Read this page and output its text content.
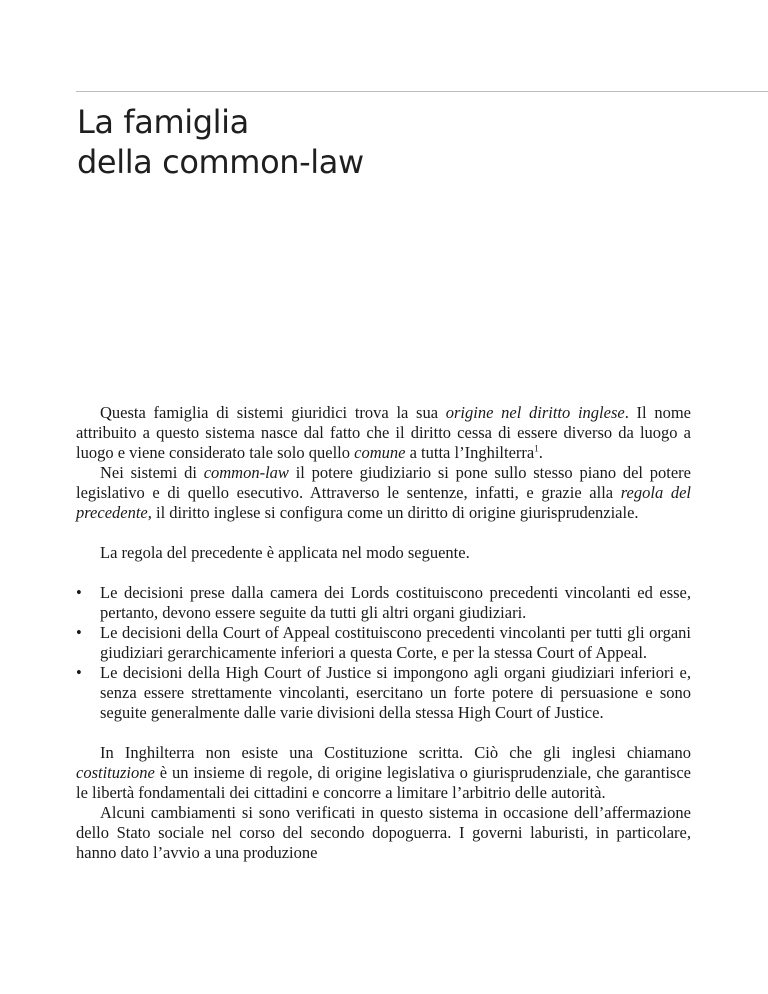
La famiglia
della common-law

Questa famiglia di sistemi giuridici trova la sua origine nel diritto inglese. Il nome attribuito a questo sistema nasce dal fatto che il diritto cessa di essere diverso da luogo a luogo e viene considerato tale solo quello comune a tutta l’Inghilterra$^1$.

Nei sistemi di common-law il potere giudiziario si pone sullo stesso piano del potere legislativo e di quello esecutivo. Attraverso le sentenze, infatti, e grazie alla regola del precedente, il diritto inglese si configura come un diritto di origine giurisprudenziale.

La regola del precedente è applicata nel modo seguente.

• Le decisioni prese dalla camera dei Lords costituiscono precedenti vincolanti ed esse, pertanto, devono essere seguite da tutti gli altri organi giudiziari.
• Le decisioni della Court of Appeal costituiscono precedenti vincolanti per tutti gli organi giudiziari gerarchicamente inferiori a questa Corte, e per la stessa Court of Appeal.
• Le decisioni della High Court of Justice si impongono agli organi giudiziari inferiori e, senza essere strettamente vincolanti, esercitano un forte potere di persuasione e sono seguite generalmente dalle varie divisioni della stessa High Court of Justice.

In Inghilterra non esiste una Costituzione scritta. Ciò che gli inglesi chiamano costituzione è un insieme di regole, di origine legislativa o giurisprudenziale, che garantisce le libertà fondamentali dei cittadini e concorre a limitare l’arbitrio delle autorità.

Alcuni cambiamenti si sono verificati in questo sistema in occasione dell’affermazione dello Stato sociale nel corso del secondo dopoguerra. I governi laburisti, in particolare, hanno dato l’avvio a una produzione
